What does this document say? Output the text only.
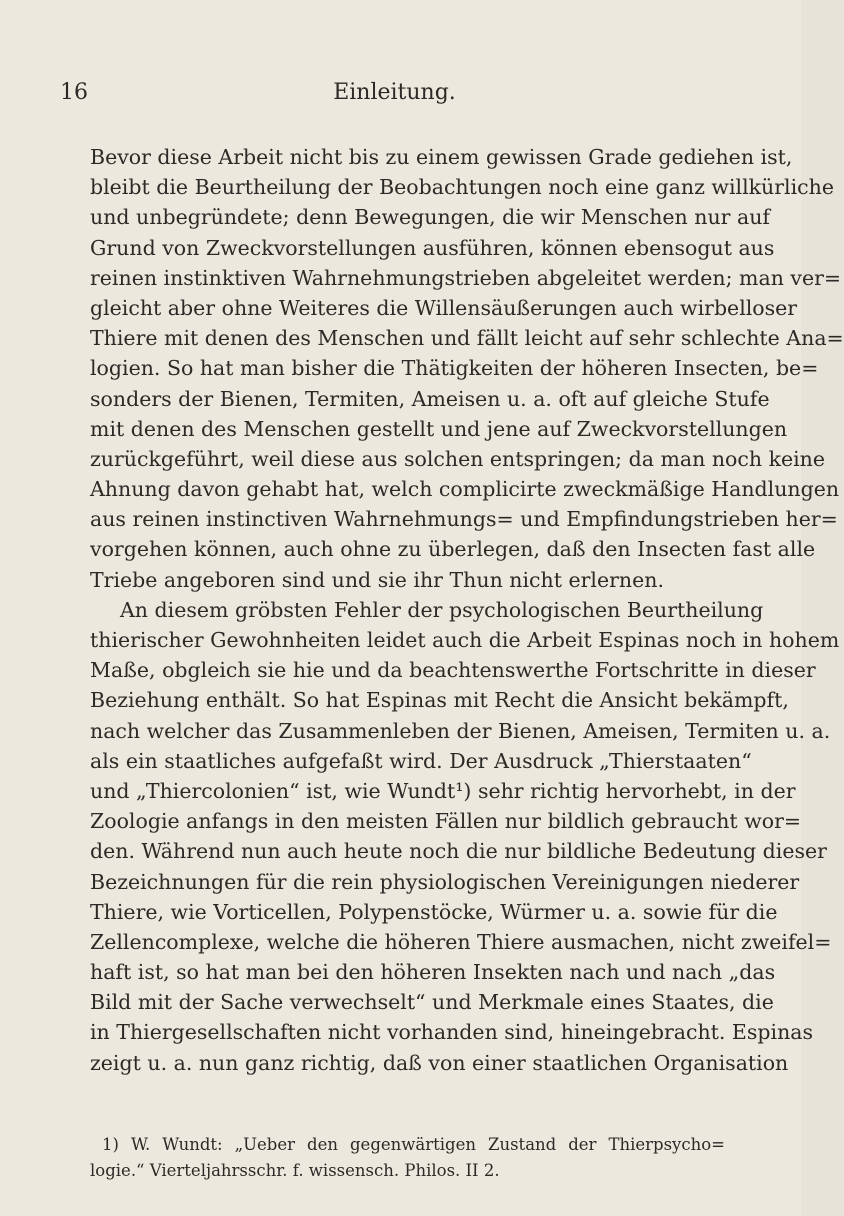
16	Einleitung.
Bevor diese Arbeit nicht bis zu einem gewissen Grade gediehen ist,
bleibt die Beurtheilung der Beobachtungen noch eine ganz willkürliche
und unbegründete; denn Bewegungen, die wir Menschen nur auf
Grund von Zweckvorstellungen ausführen, können ebensogut aus
reinen instinktiven Wahrnehmungstrieben abgeleitet werden; man ver=
gleicht aber ohne Weiteres die Willensäußerungen auch wirbelloser
Thiere mit denen des Menschen und fällt leicht auf sehr schlechte Ana=
logien. So hat man bisher die Thätigkeiten der höheren Insecten, be=
sonders der Bienen, Termiten, Ameisen u. a. oft auf gleiche Stufe
mit denen des Menschen gestellt und jene auf Zweckvorstellungen
zurückgeführt, weil diese aus solchen entspringen; da man noch keine
Ahnung davon gehabt hat, welch complicirte zweckmäßige Handlungen
aus reinen instinctiven Wahrnehmungs= und Empfindungstrieben her=
vorgehen können, auch ohne zu überlegen, daß den Insecten fast alle
Triebe angeboren sind und sie ihr Thun nicht erlernen.
An diesem gröbsten Fehler der psychologischen Beurtheilung
thierischer Gewohnheiten leidet auch die Arbeit Espinas noch in hohem
Maße, obgleich sie hie und da beachtenswerthe Fortschritte in dieser
Beziehung enthält. So hat Espinas mit Recht die Ansicht bekämpft,
nach welcher das Zusammenleben der Bienen, Ameisen, Termiten u. a.
als ein staatliches aufgefaßt wird. Der Ausdruck „Thierstaaten“
und „Thiercolonien“ ist, wie Wundt¹) sehr richtig hervorhebt, in der
Zoologie anfangs in den meisten Fällen nur bildlich gebraucht wor=
den. Während nun auch heute noch die nur bildliche Bedeutung dieser
Bezeichnungen für die rein physiologischen Vereinigungen niederer
Thiere, wie Vorticellen, Polypenstöcke, Würmer u. a. sowie für die
Zellencomplexe, welche die höheren Thiere ausmachen, nicht zweifel=
haft ist, so hat man bei den höheren Insekten nach und nach „das
Bild mit der Sache verwechselt“ und Merkmale eines Staates, die
in Thiergesellschaften nicht vorhanden sind, hineingebracht. Espinas
zeigt u. a. nun ganz richtig, daß von einer staatlichen Organisation
1) W. Wundt: „Ueber den gegenwärtigen Zustand der Thierpsycho=
logie.“ Vierteljahrsschr. f. wissensch. Philos. II 2.
